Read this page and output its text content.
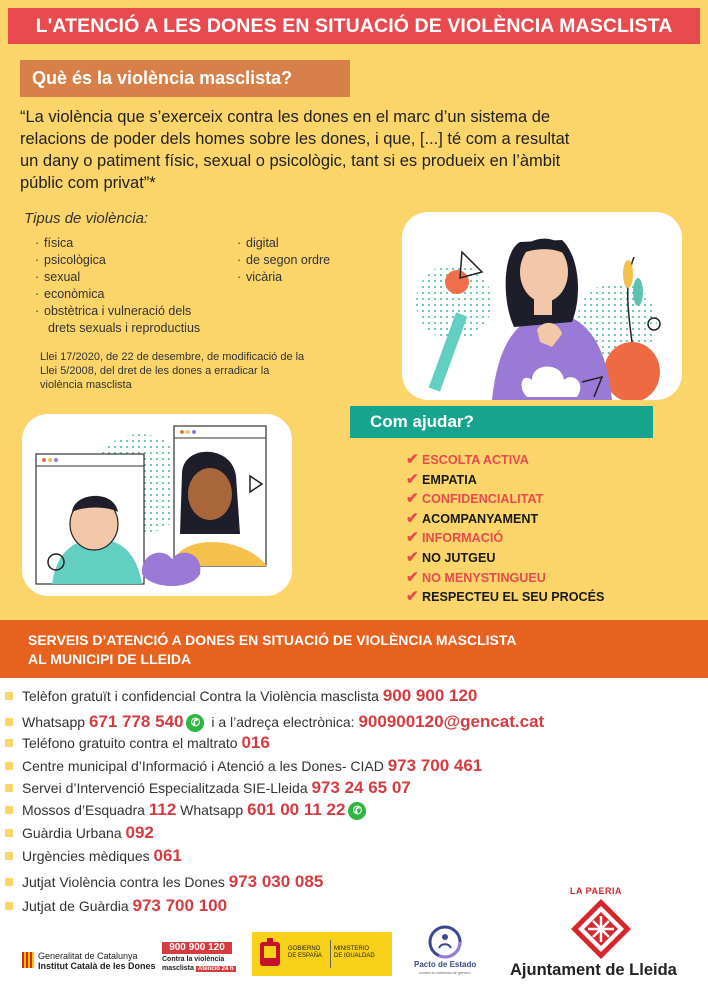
L'ATENCIÓ A LES DONES EN SITUACIÓ DE VIOLÈNCIA MASCLISTA
Què és la violència masclista?
“La violència que s’exerceix contra les dones en el marc d’un sistema de
relacions de poder dels homes sobre les dones, i que, [...] té com a resultat
un dany o patiment físic, sexual o psicològic, tant si es produeix en l’àmbit
públic com privat”*
Tipus de violència:
· física
· psicològica
· sexual
· econòmica
· obstètrica i vulneració dels
drets sexuals i reproductius
· digital
· de segon ordre
· vicària
Llei 17/2020, de 22 de desembre, de modificació de la
Llei 5/2008, del dret de les dones a erradicar la
violència masclista
Com ajudar?
✔ ESCOLTA ACTIVA
✔ EMPATIA
✔ CONFIDENCIALITAT
✔ ACOMPANYAMENT
✔ INFORMACIÓ
✔ NO JUTGEU
✔ NO MENYSTINGUEU
✔ RESPECTEU EL SEU PROCÉS
SERVEIS D’ATENCIÓ A DONES EN SITUACIÓ DE VIOLÈNCIA MASCLISTA
AL MUNICIPI DE LLEIDA
Telèfon gratuït i confidencial Contra la Violència masclista 900 900 120
Whatsapp 671 778 540 ✆ i a l’adreça electrònica: 900900120@gencat.cat
Teléfono gratuito contra el maltrato 016
Centre municipal d’Informació i Atenció a les Dones- CIAD 973 700 461
Servei d’Intervenció Especialitzada SIE-Lleida 973 24 65 07
Mossos d’Esquadra 112 Whatsapp 601 00 11 22 ✆
Guàrdia Urbana 092
Urgències mèdiques 061
Jutjat Violència contra les Dones 973 030 085
Jutjat de Guàrdia 973 700 100
Generalitat de Catalunya
Institut Català de les Dones
900 900 120
Contra la violència
masclista Atenció 24 h
GOBIERNO
DE ESPAÑA
MINISTERIO
DE IGUALDAD
Pacto de Estado
contra la violencia de género
LA PAERIA
Ajuntament de Lleida
